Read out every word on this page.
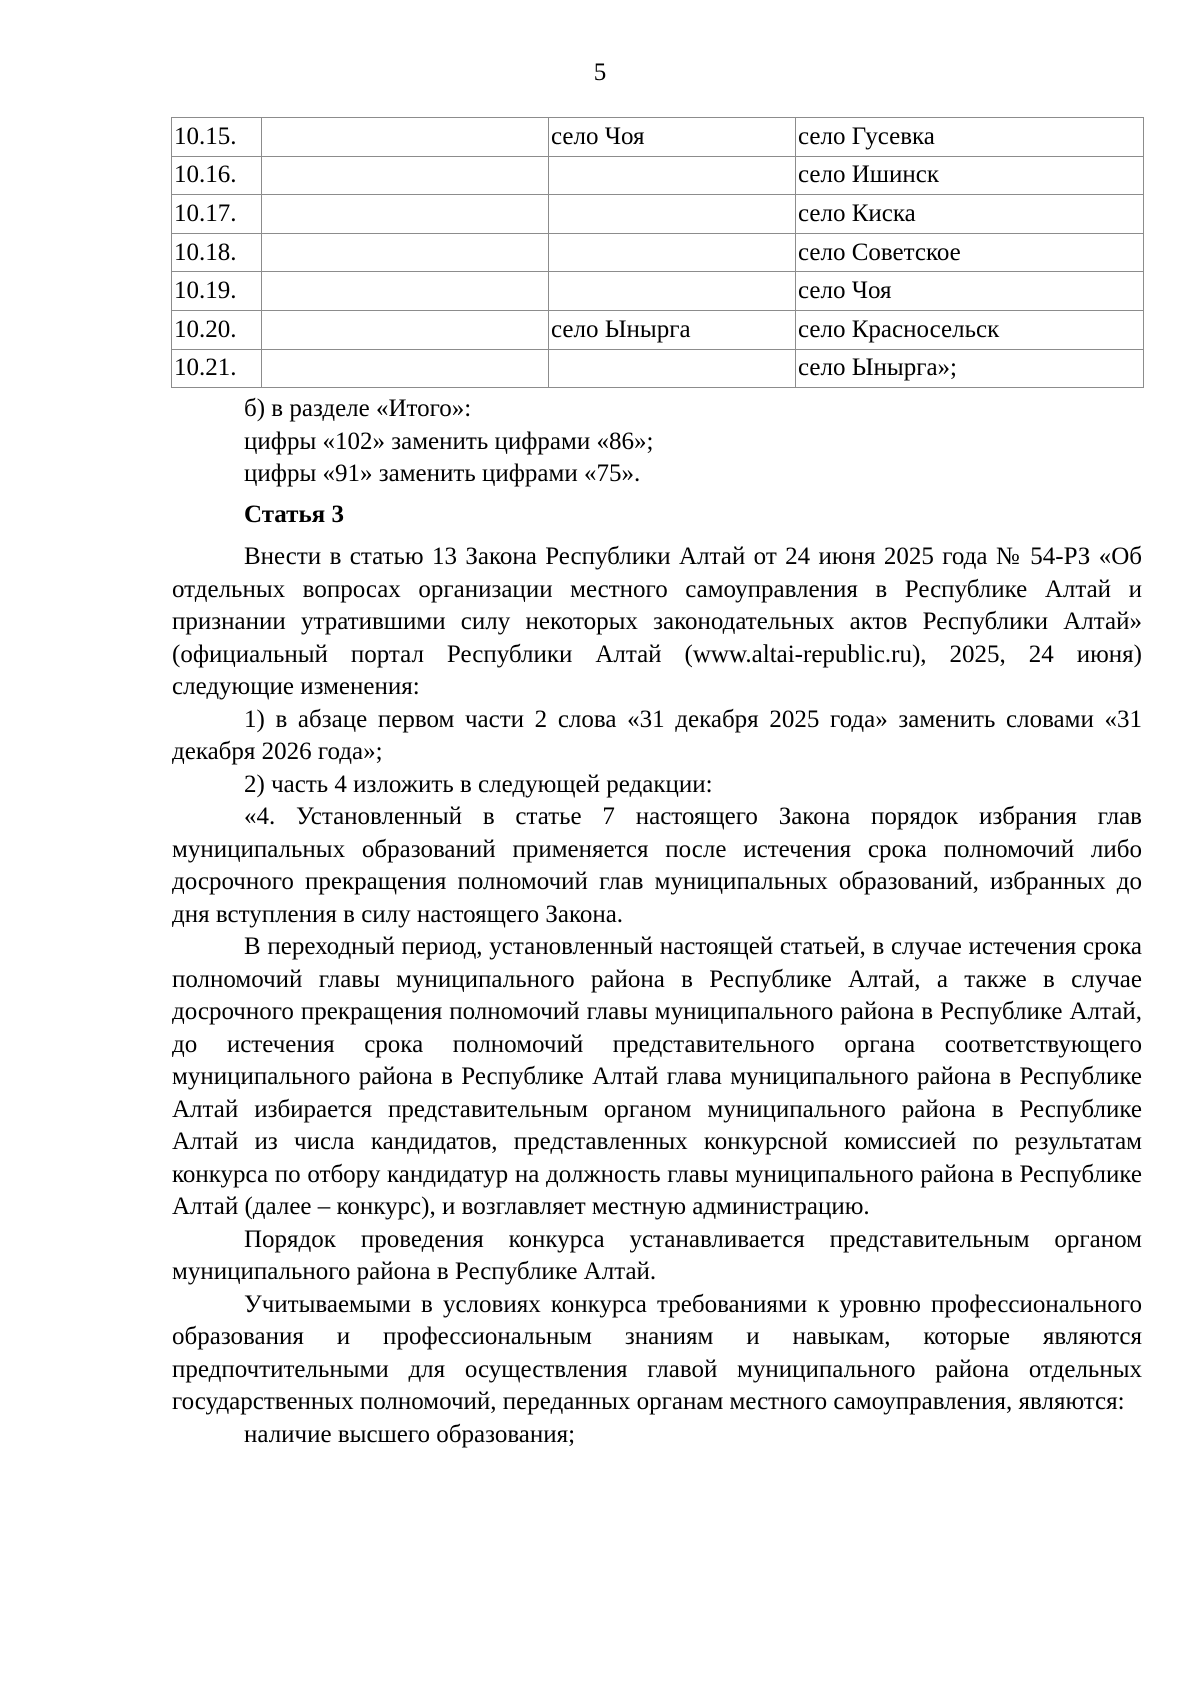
5
10.15.		село Чоя	село Гусевка
10.16.			село Ишинск
10.17.			село Киска
10.18.			село Советское
10.19.			село Чоя
10.20.		село Ыныргa	село Красносельск
10.21.			село Ыныргa»;

б) в разделе «Итого»:

цифры «102» заменить цифрами «86»;

цифры «91» заменить цифрами «75».

Статья 3

Внести в статью 13 Закона Республики Алтай от 24 июня 2025 года № 54-РЗ «Об отдельных вопросах организации местного самоуправления в Республике Алтай и признании утратившими силу некоторых законодательных актов Республики Алтай» (официальный портал Республики Алтай (www.altai-republic.ru), 2025, 24 июня) следующие изменения:

1) в абзаце первом части 2 слова «31 декабря 2025 года» заменить словами «31 декабря 2026 года»;

2) часть 4 изложить в следующей редакции:

«4. Установленный в статье 7 настоящего Закона порядок избрания глав муниципальных образований применяется после истечения срока полномочий либо досрочного прекращения полномочий глав муниципальных образований, избранных до дня вступления в силу настоящего Закона.

В переходный период, установленный настоящей статьей, в случае истечения срока полномочий главы муниципального района в Республике Алтай, а также в случае досрочного прекращения полномочий главы муниципального района в Республике Алтай, до истечения срока полномочий представительного органа соответствующего муниципального района в Республике Алтай глава муниципального района в Республике Алтай избирается представительным органом муниципального района в Республике Алтай из числа кандидатов, представленных конкурсной комиссией по результатам конкурса по отбору кандидатур на должность главы муниципального района в Республике Алтай (далее – конкурс), и возглавляет местную администрацию.

Порядок проведения конкурса устанавливается представительным органом муниципального района в Республике Алтай.

Учитываемыми в условиях конкурса требованиями к уровню профессионального образования и профессиональным знаниям и навыкам, которые являются предпочтительными для осуществления главой муниципального района отдельных государственных полномочий, переданных органам местного самоуправления, являются:

наличие высшего образования;
